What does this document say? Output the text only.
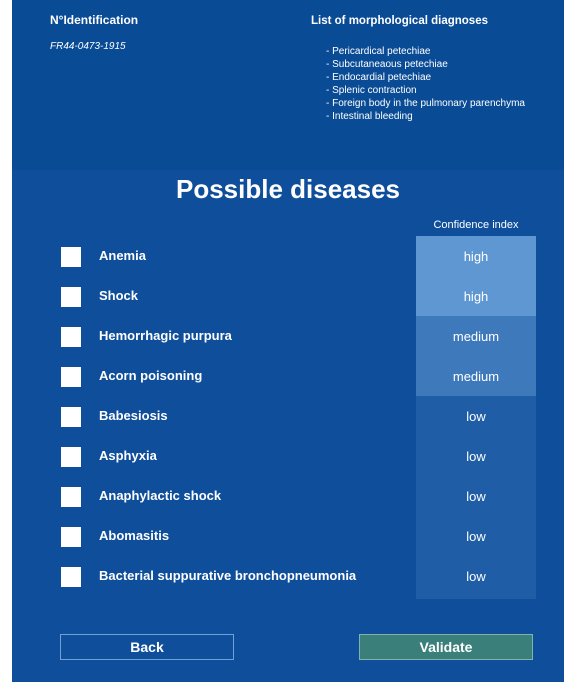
N°Identification
FR44-0473-1915
List of morphological diagnoses
- Pericardical petechiae
- Subcutaneaous petechiae
- Endocardial petechiae
- Splenic contraction
- Foreign body in the pulmonary parenchyma
- Intestinal bleeding
Possible diseases
Confidence index
Anemia	high
Shock	high
Hemorrhagic purpura	medium
Acorn poisoning	medium
Babesiosis	low
Asphyxia	low
Anaphylactic shock	low
Abomasitis	low
Bacterial suppurative bronchopneumonia	low
Back	Validate
